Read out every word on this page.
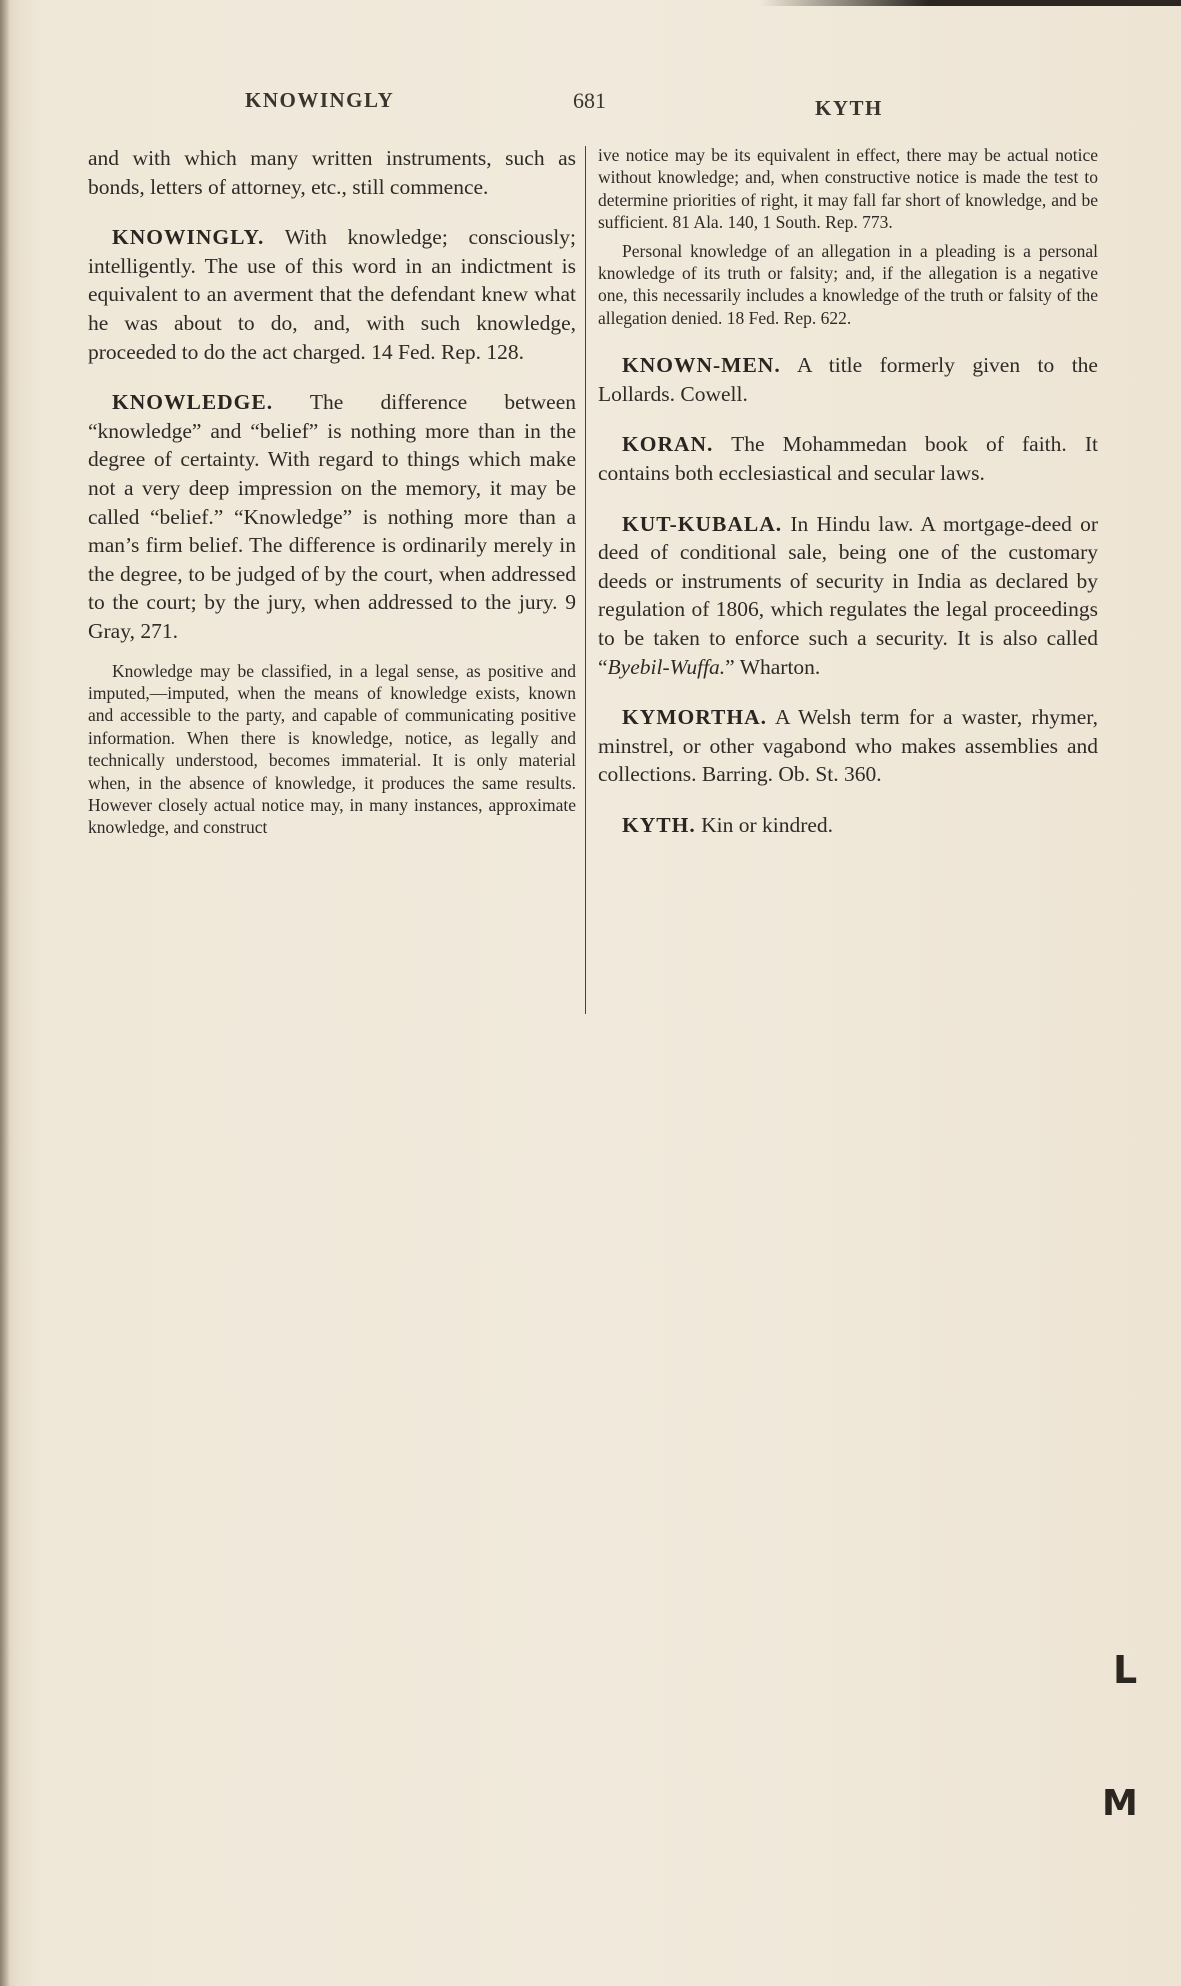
KNOWINGLY	681	KYTH

and with which many written instruments, such as bonds, letters of attorney, etc., still commence.

KNOWINGLY. With knowledge; consciously; intelligently. The use of this word in an indictment is equivalent to an averment that the defendant knew what he was about to do, and, with such knowledge, proceeded to do the act charged. 14 Fed. Rep. 128.

KNOWLEDGE. The difference between “knowledge” and “belief” is nothing more than in the degree of certainty. With regard to things which make not a very deep impression on the memory, it may be called “belief.” “Knowledge” is nothing more than a man’s firm belief. The difference is ordinarily merely in the degree, to be judged of by the court, when addressed to the court; by the jury, when addressed to the jury. 9 Gray, 271.

Knowledge may be classified, in a legal sense, as positive and imputed,—imputed, when the means of knowledge exists, known and accessible to the party, and capable of communicating positive information. When there is knowledge, notice, as legally and technically understood, becomes immaterial. It is only material when, in the absence of knowledge, it produces the same results. However closely actual notice may, in many instances, approximate knowledge, and construct

ive notice may be its equivalent in effect, there may be actual notice without knowledge; and, when constructive notice is made the test to determine priorities of right, it may fall far short of knowledge, and be sufficient. 81 Ala. 140, 1 South. Rep. 773.

Personal knowledge of an allegation in a pleading is a personal knowledge of its truth or falsity; and, if the allegation is a negative one, this necessarily includes a knowledge of the truth or falsity of the allegation denied. 18 Fed. Rep. 622.

KNOWN-MEN. A title formerly given to the Lollards. Cowell.

KORAN. The Mohammedan book of faith. It contains both ecclesiastical and secular laws.

KUT-KUBALA. In Hindu law. A mortgage-deed or deed of conditional sale, being one of the customary deeds or instruments of security in India as declared by regulation of 1806, which regulates the legal proceedings to be taken to enforce such a security. It is also called “Byebil-Wuffa.” Wharton.

KYMORTHA. A Welsh term for a waster, rhymer, minstrel, or other vagabond who makes assemblies and collections. Barring. Ob. St. 360.

KYTH. Kin or kindred.

L
M
